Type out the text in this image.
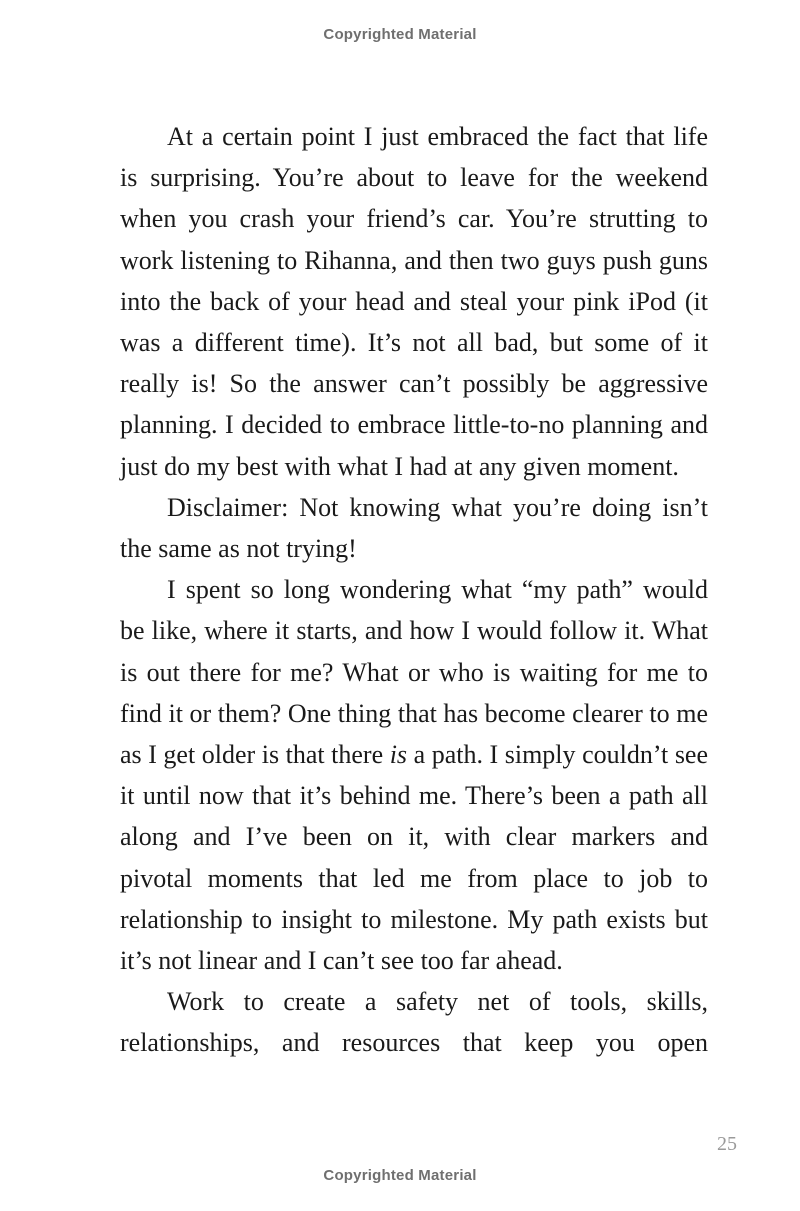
Copyrighted Material

At a certain point I just embraced the fact that life is surprising. You’re about to leave for the weekend when you crash your friend’s car. You’re strutting to work listening to Rihanna, and then two guys push guns into the back of your head and steal your pink iPod (it was a different time). It’s not all bad, but some of it really is! So the answer can’t possibly be aggressive planning. I decided to embrace little-to-no planning and just do my best with what I had at any given moment.

Disclaimer: Not knowing what you’re doing isn’t the same as not trying!

I spent so long wondering what “my path” would be like, where it starts, and how I would follow it. What is out there for me? What or who is waiting for me to find it or them? One thing that has become clearer to me as I get older is that there is a path. I simply couldn’t see it until now that it’s behind me. There’s been a path all along and I’ve been on it, with clear markers and pivotal moments that led me from place to job to relationship to insight to milestone. My path exists but it’s not linear and I can’t see too far ahead.

Work to create a safety net of tools, skills, relationships, and resources that keep you open

25
Copyrighted Material
